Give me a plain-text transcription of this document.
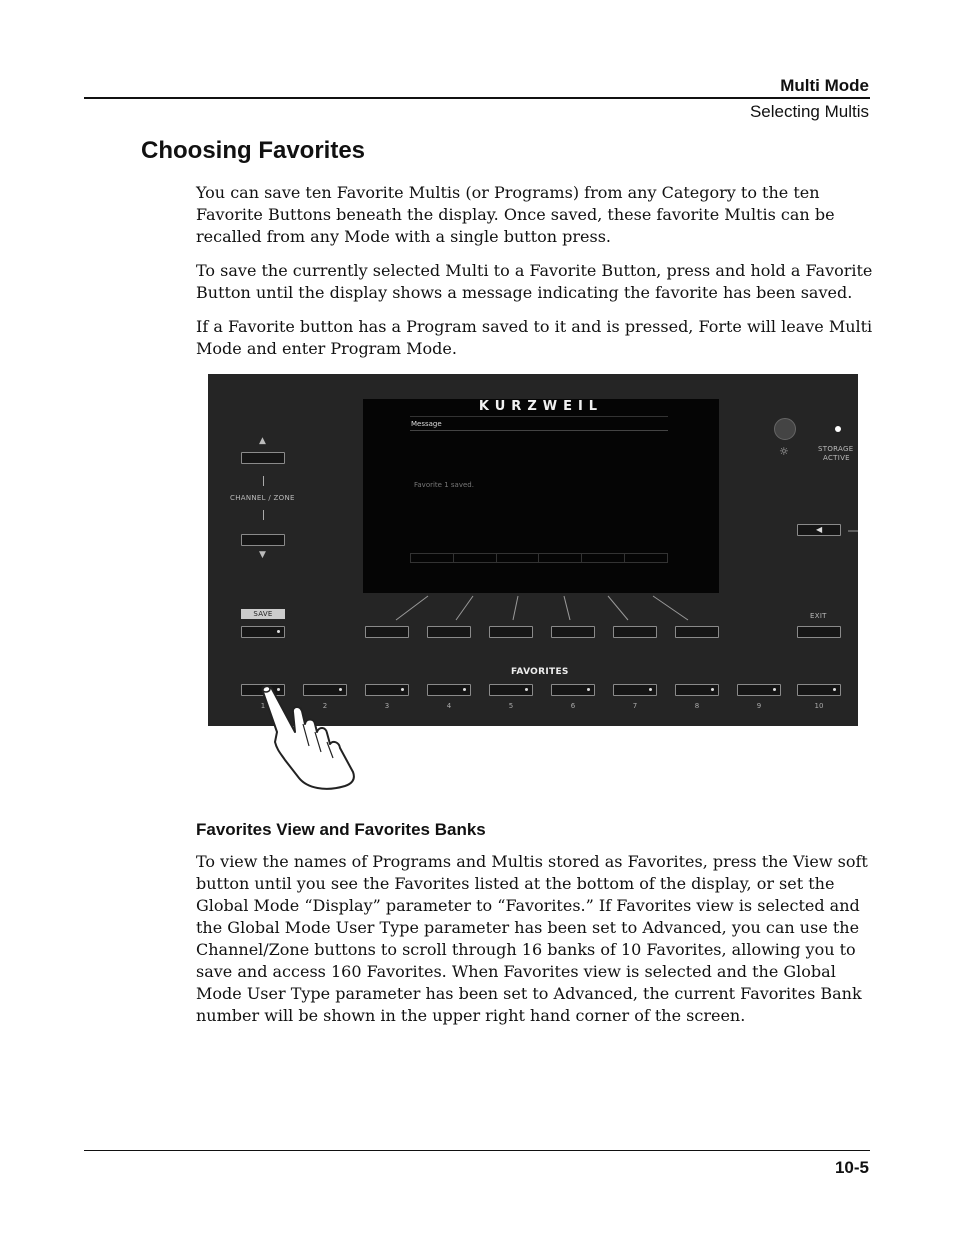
Multi Mode
Selecting Multis
Choosing Favorites

You can save ten Favorite Multis (or Programs) from any Category to the ten Favorite Buttons beneath the display. Once saved, these favorite Multis can be recalled from any Mode with a single button press.

To save the currently selected Multi to a Favorite Button, press and hold a Favorite Button until the display shows a message indicating the favorite has been saved.

If a Favorite button has a Program saved to it and is pressed, Forte will leave Multi Mode and enter Program Mode.

▲
CHANNEL / ZONE
▼
SAVE
KURZWEIL
Message
Favorite 1 saved.
☼	STORAGE
ACTIVE
◀
EXIT
FAVORITES
1	2	3	4	5	6	7	8	9	10
Favorites View and Favorites Banks

To view the names of Programs and Multis stored as Favorites, press the View soft button until you see the Favorites listed at the bottom of the display, or set the Global Mode “Display” parameter to “Favorites.” If Favorites view is selected and the Global Mode User Type parameter has been set to Advanced, you can use the Channel/Zone buttons to scroll through 16 banks of 10 Favorites, allowing you to save and access 160 Favorites. When Favorites view is selected and the Global Mode User Type parameter has been set to Advanced, the current Favorites Bank number will be shown in the upper right hand corner of the screen.

10-5
